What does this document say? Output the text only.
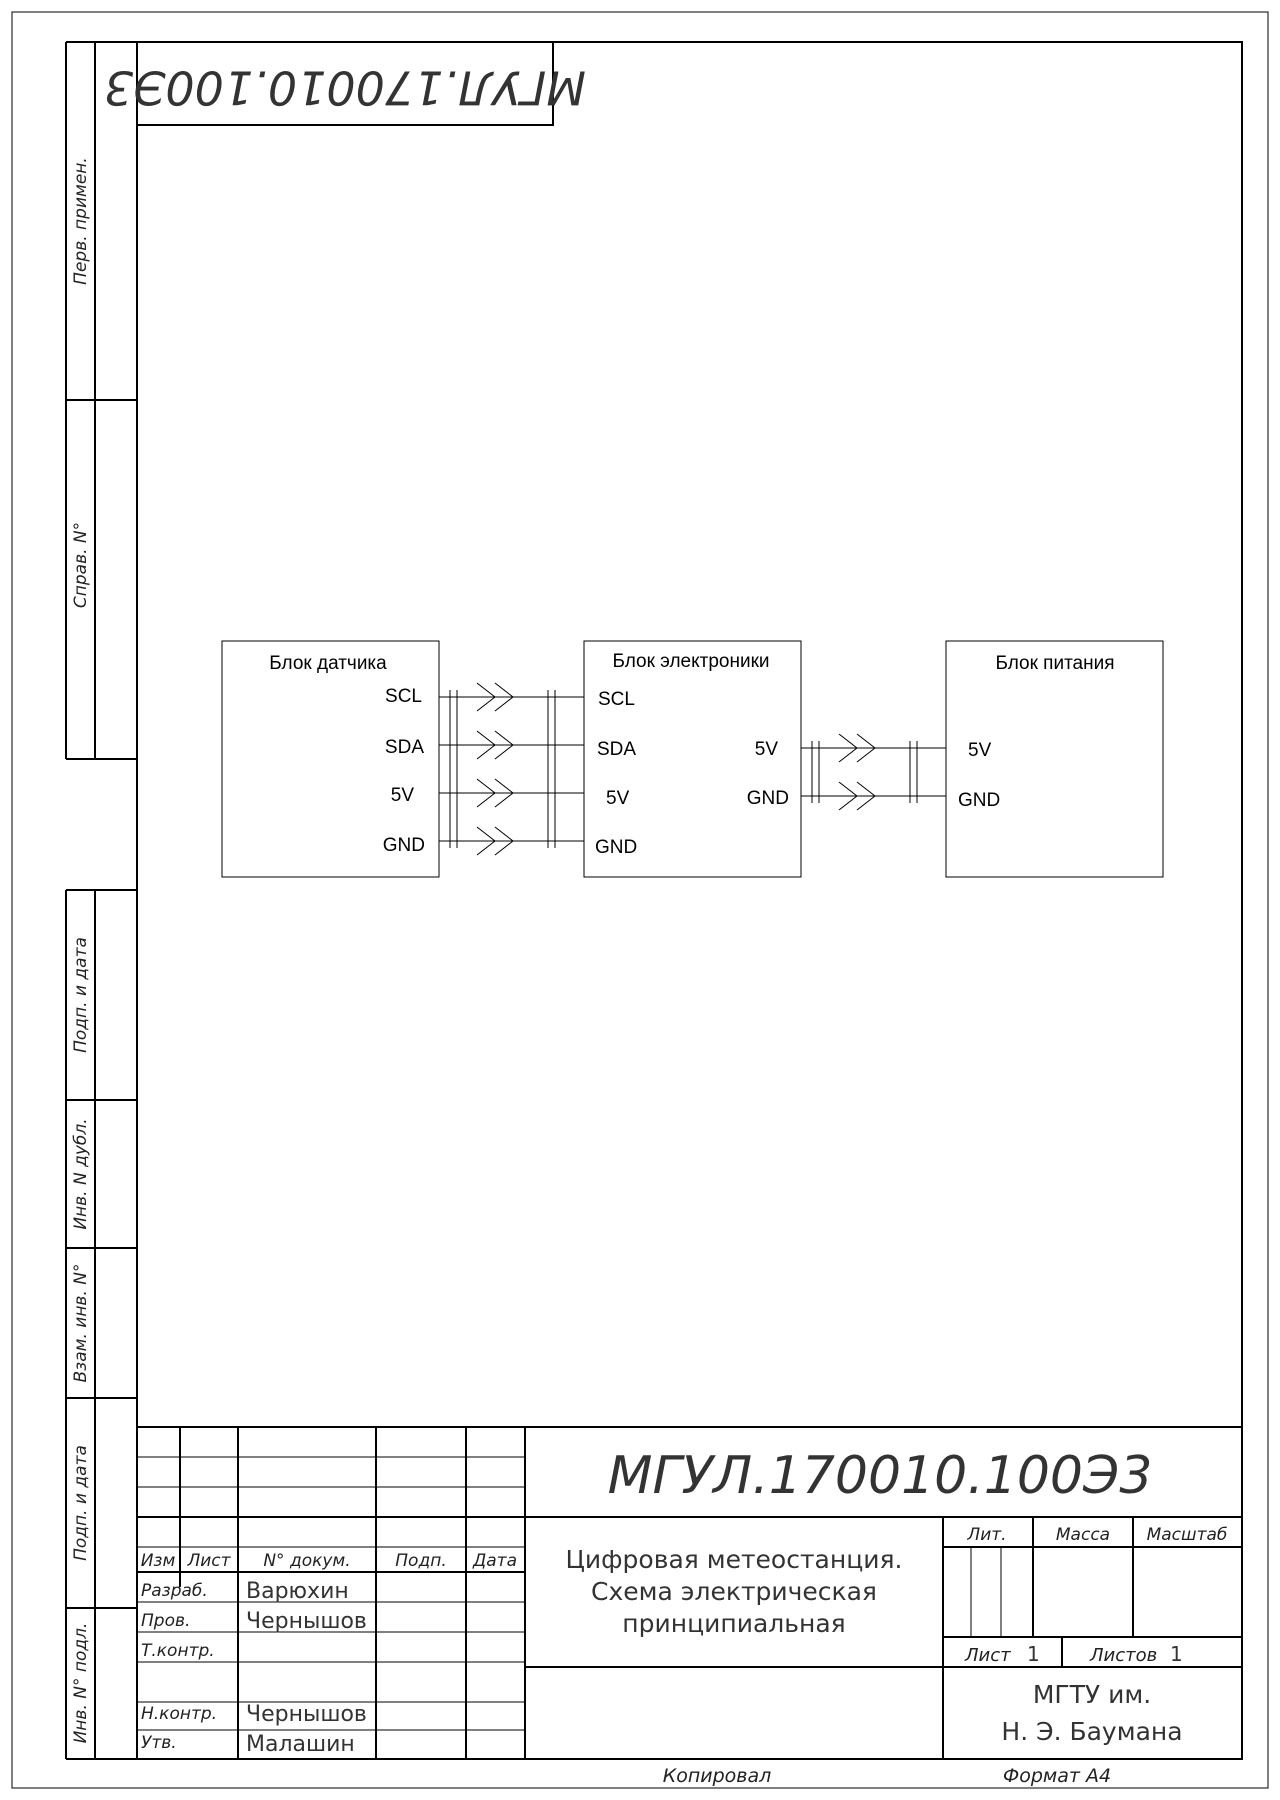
Перв. примен.
Справ. N°
Подп. и дата
Инв. N дубл.
Взам. инв. N°
Подп. и дата
Инв. N° подл.
МГУЛ.170010.100Э3
Блок датчика
SCL
SDA
5V
GND
Блок электроники
SCL
SDA
5V
GND
5V
GND
Блок питания
5V
GND
МГУЛ.170010.100Э3
Изм Лист N° докум.	Подп. Дата
Разраб. Варюхин
Пров.	Чернышов
Т.контр.
Н.контр. Чернышов
Утв.	Малашин
Цифровая метеостанция.
Схема электрическая
принципиальная
Лит.	Масса Масштаб
Лист 1	Листов 1
МГТУ им.
Н. Э. Баумана
Копировал	Формат А4
